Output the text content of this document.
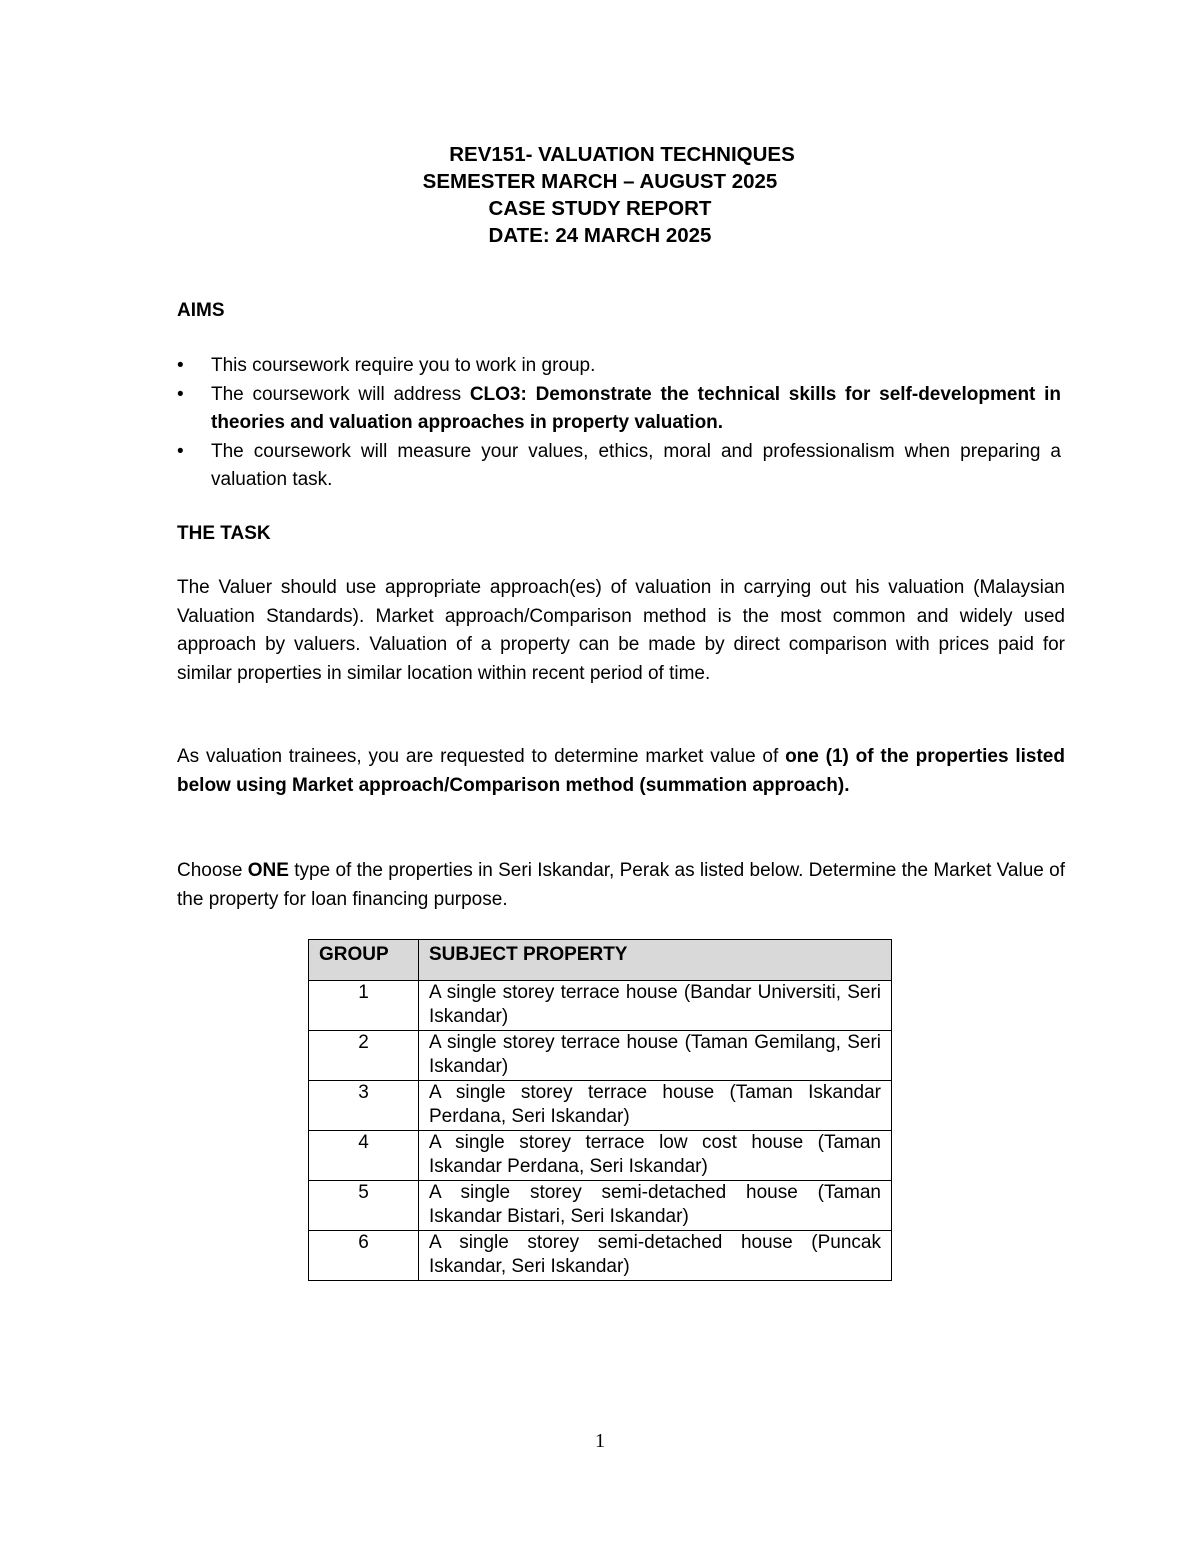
REV151- VALUATION TECHNIQUES
SEMESTER MARCH – AUGUST 2025
CASE STUDY REPORT
DATE: 24 MARCH 2025
AIMS
• This coursework require you to work in group.
• The coursework will address CLO3: Demonstrate the technical skills for self-development in theories and valuation approaches in property valuation.
• The coursework will measure your values, ethics, moral and professionalism when preparing a valuation task.
THE TASK

The Valuer should use appropriate approach(es) of valuation in carrying out his valuation (Malaysian Valuation Standards). Market approach/Comparison method is the most common and widely used approach by valuers. Valuation of a property can be made by direct comparison with prices paid for similar properties in similar location within recent period of time.

As valuation trainees, you are requested to determine market value of one (1) of the properties listed below using Market approach/Comparison method (summation approach).

Choose ONE type of the properties in Seri Iskandar, Perak as listed below. Determine the Market Value of the property for loan financing purpose.

GROUP	SUBJECT PROPERTY
1	A single storey terrace house (Bandar Universiti, Seri Iskandar)
2	A single storey terrace house (Taman Gemilang, Seri Iskandar)
3	A single storey terrace house (Taman Iskandar Perdana, Seri Iskandar)
4	A single storey terrace low cost house (Taman Iskandar Perdana, Seri Iskandar)
5	A single storey semi-detached house (Taman Iskandar Bistari, Seri Iskandar)
6	A single storey semi-detached house (Puncak Iskandar, Seri Iskandar)
1
